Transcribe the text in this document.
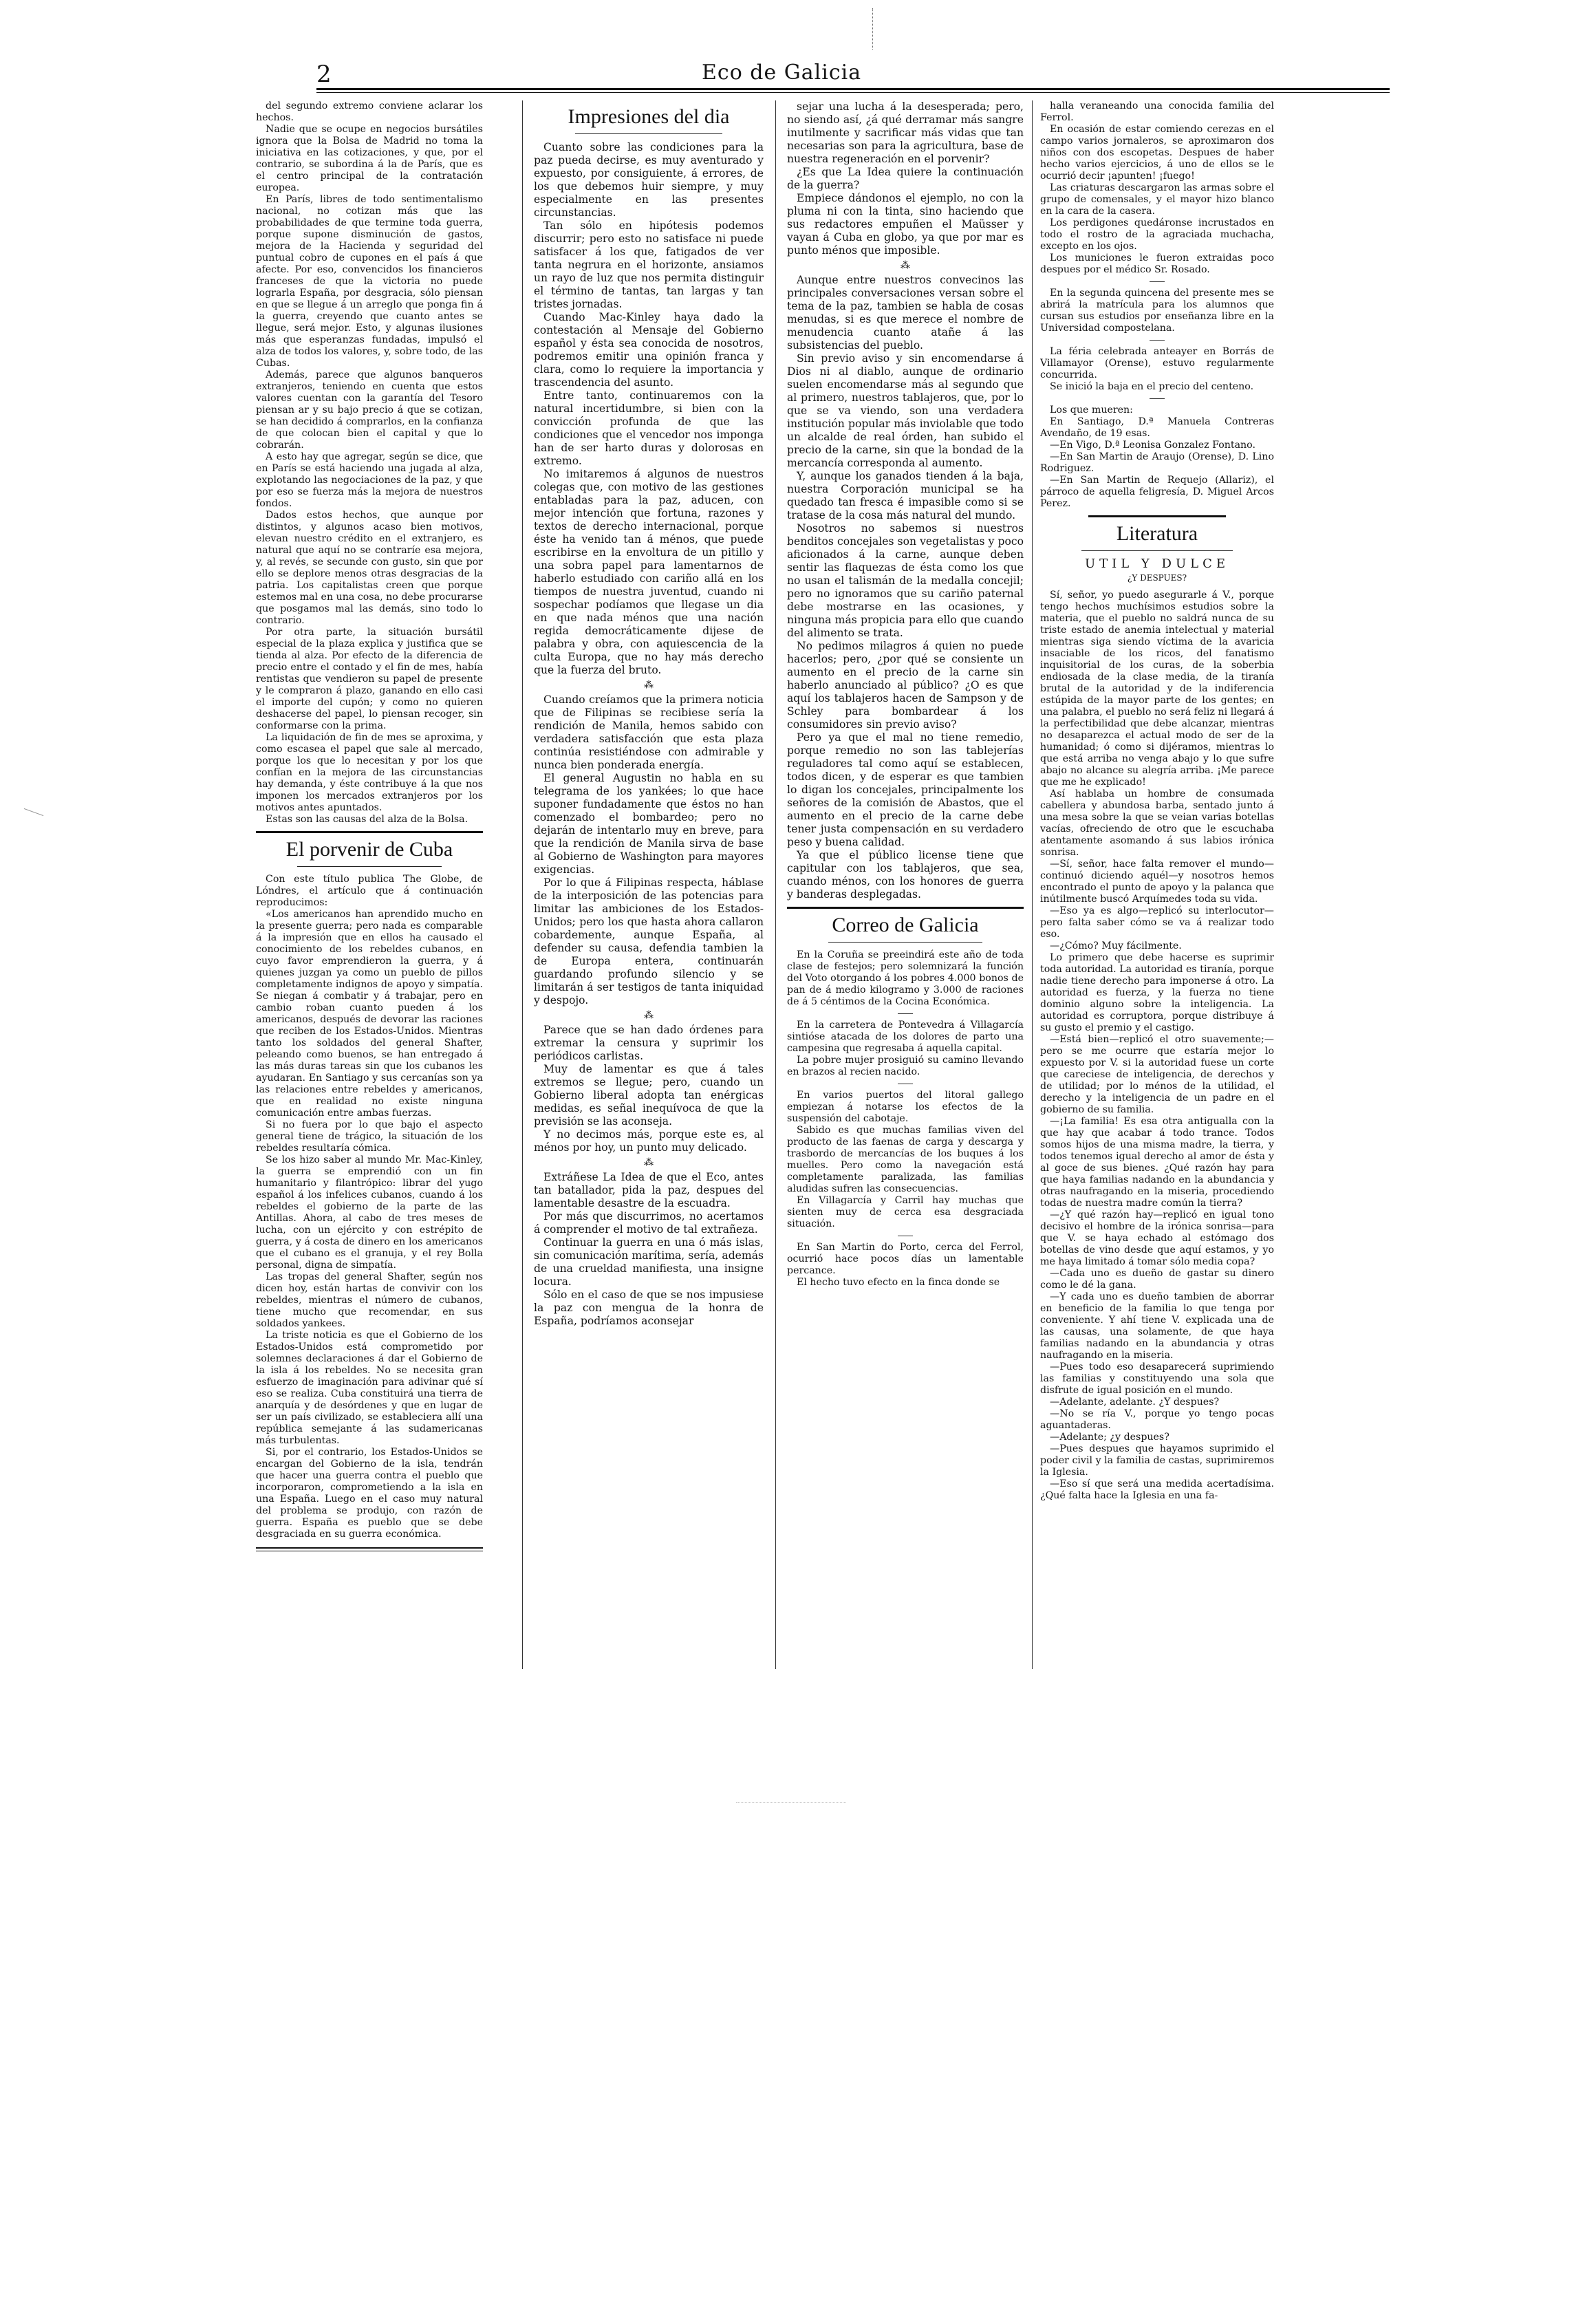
2	Eco de Galicia

del segundo extremo conviene aclarar los hechos.

Nadie que se ocupe en negocios bursátiles ignora que la Bolsa de Madrid no toma la iniciativa en las cotizaciones, y que, por el contrario, se subordina á la de París, que es el centro principal de la contratación europea.

En París, libres de todo sentimentalismo nacional, no cotizan más que las probabilidades de que termine toda guerra, porque supone disminución de gastos, mejora de la Hacienda y seguridad del puntual cobro de cupones en el país á que afecte. Por eso, convencidos los financieros franceses de que la victoria no puede lograrla España, por desgracia, sólo piensan en que se llegue á un arreglo que ponga fin á la guerra, creyendo que cuanto antes se llegue, será mejor. Esto, y algunas ilusiones más que esperanzas fundadas, impulsó el alza de todos los valores, y, sobre todo, de las Cubas.

Además, parece que algunos banqueros extranjeros, teniendo en cuenta que estos valores cuentan con la garantía del Tesoro piensan ar y su bajo precio á que se cotizan, se han decidido á comprarlos, en la confianza de que colocan bien el capital y que lo cobrarán.

A esto hay que agregar, según se dice, que en París se está haciendo una jugada al alza, explotando las negociaciones de la paz, y que por eso se fuerza más la mejora de nuestros fondos.

Dados estos hechos, que aunque por distintos, y algunos acaso bien motivos, elevan nuestro crédito en el extranjero, es natural que aquí no se contraríe esa mejora, y, al revés, se secunde con gusto, sin que por ello se deplore menos otras desgracias de la patria. Los capitalistas creen que porque estemos mal en una cosa, no debe procurarse que posgamos mal las demás, sino todo lo contrario.

Por otra parte, la situación bursátil especial de la plaza explica y justifica que se tienda al alza. Por efecto de la diferencia de precio entre el contado y el fin de mes, había rentistas que vendieron su papel de presente y le compraron á plazo, ganando en ello casi el importe del cupón; y como no quieren deshacerse del papel, lo piensan recoger, sin conformarse con la prima.

La liquidación de fin de mes se aproxima, y como escasea el papel que sale al mercado, porque los que lo necesitan y por los que confían en la mejora de las circunstancias hay demanda, y éste contribuye á la que nos imponen los mercados extranjeros por los motivos antes apuntados.

Estas son las causas del alza de la Bolsa.

El porvenir de Cuba

Con este título publica The Globe, de Lóndres, el artículo que á continuación reproducimos:

«Los americanos han aprendido mucho en la presente guerra; pero nada es comparable á la impresión que en ellos ha causado el conocimiento de los rebeldes cubanos, en cuyo favor emprendieron la guerra, y á quienes juzgan ya como un pueblo de pillos completamente indignos de apoyo y simpatía. Se niegan á combatir y á trabajar, pero en cambio roban cuanto pueden á los americanos, después de devorar las raciones que reciben de los Estados-Unidos. Mientras tanto los soldados del general Shafter, peleando como buenos, se han entregado á las más duras tareas sin que los cubanos les ayudaran. En Santiago y sus cercanías son ya las relaciones entre rebeldes y americanos, que en realidad no existe ninguna comunicación entre ambas fuerzas.

Si no fuera por lo que bajo el aspecto general tiene de trágico, la situación de los rebeldes resultaría cómica.

Se los hizo saber al mundo Mr. Mac-Kinley, la guerra se emprendió con un fin humanitario y filantrópico: librar del yugo español á los infelices cubanos, cuando á los rebeldes el gobierno de la parte de las Antillas. Ahora, al cabo de tres meses de lucha, con un ejército y con estrépito de guerra, y á costa de dinero en los americanos que el cubano es el granuja, y el rey Bolla personal, digna de simpatía.

Las tropas del general Shafter, según nos dicen hoy, están hartas de convivir con los rebeldes, mientras el número de cubanos, tiene mucho que recomendar, en sus soldados yankees.

La triste noticia es que el Gobierno de los Estados-Unidos está comprometido por solemnes declaraciones á dar el Gobierno de la isla á los rebeldes. No se necesita gran esfuerzo de imaginación para adivinar qué sí eso se realiza. Cuba constituirá una tierra de anarquía y de desórdenes y que en lugar de ser un país civilizado, se estableciera allí una república semejante á las sudamericanas más turbulentas.

Si, por el contrario, los Estados-Unidos se encargan del Gobierno de la isla, tendrán que hacer una guerra contra el pueblo que incorporaron, comprometiendo a la isla en una España. Luego en el caso muy natural del problema se produjo, con razón de guerra. España es pueblo que se debe desgraciada en su guerra económica.

Impresiones del dia

Cuanto sobre las condiciones para la paz pueda decirse, es muy aventurado y expuesto, por consiguiente, á errores, de los que debemos huir siempre, y muy especialmente en las presentes circunstancias.

Tan sólo en hipótesis podemos discurrir; pero esto no satisface ni puede satisfacer á los que, fatigados de ver tanta negrura en el horizonte, ansiamos un rayo de luz que nos permita distinguir el término de tantas, tan largas y tan tristes jornadas.

Cuando Mac-Kinley haya dado la contestación al Mensaje del Gobierno español y ésta sea conocida de nosotros, podremos emitir una opinión franca y clara, como lo requiere la importancia y trascendencia del asunto.

Entre tanto, continuaremos con la natural incertidumbre, si bien con la convicción profunda de que las condiciones que el vencedor nos imponga han de ser harto duras y dolorosas en extremo.

No imitaremos á algunos de nuestros colegas que, con motivo de las gestiones entabladas para la paz, aducen, con mejor intención que fortuna, razones y textos de derecho internacional, porque éste ha venido tan á ménos, que puede escribirse en la envoltura de un pitillo y una sobra papel para lamentarnos de haberlo estudiado con cariño allá en los tiempos de nuestra juventud, cuando ni sospechar podíamos que llegase un dia en que nada ménos que una nación regida democráticamente dijese de palabra y obra, con aquiescencia de la culta Europa, que no hay más derecho que la fuerza del bruto.

⁂

Cuando creíamos que la primera noticia que de Filipinas se recibiese sería la rendición de Manila, hemos sabido con verdadera satisfacción que esta plaza continúa resistiéndose con admirable y nunca bien ponderada energía.

El general Augustin no habla en su telegrama de los yankées; lo que hace suponer fundadamente que éstos no han comenzado el bombardeo; pero no dejarán de intentarlo muy en breve, para que la rendición de Manila sirva de base al Gobierno de Washington para mayores exigencias.

Por lo que á Filipinas respecta, háblase de la interposición de las potencias para limitar las ambiciones de los Estados-Unidos; pero los que hasta ahora callaron cobardemente, aunque España, al defender su causa, defendia tambien la de Europa entera, continuarán guardando profundo silencio y se limitarán á ser testigos de tanta iniquidad y despojo.

⁂

Parece que se han dado órdenes para extremar la censura y suprimir los periódicos carlistas.

Muy de lamentar es que á tales extremos se llegue; pero, cuando un Gobierno liberal adopta tan enérgicas medidas, es señal inequívoca de que la previsión se las aconseja.

Y no decimos más, porque este es, al ménos por hoy, un punto muy delicado.

⁂

Extráñese La Idea de que el Eco, antes tan batallador, pida la paz, despues del lamentable desastre de la escuadra.

Por más que discurrimos, no acertamos á comprender el motivo de tal extrañeza.

Continuar la guerra en una ó más islas, sin comunicación marítima, sería, además de una crueldad manifiesta, una insigne locura.

Sólo en el caso de que se nos impusiese la paz con mengua de la honra de España, podríamos aconsejar

sejar una lucha á la desesperada; pero, no siendo así, ¿á qué derramar más sangre inutilmente y sacrificar más vidas que tan necesarias son para la agricultura, base de nuestra regeneración en el porvenir?

¿Es que La Idea quiere la continuación de la guerra?

Empiece dándonos el ejemplo, no con la pluma ni con la tinta, sino haciendo que sus redactores empuñen el Maüsser y vayan á Cuba en globo, ya que por mar es punto ménos que imposible.

⁂

Aunque entre nuestros convecinos las principales conversaciones versan sobre el tema de la paz, tambien se habla de cosas menudas, si es que merece el nombre de menudencia cuanto atañe á las subsistencias del pueblo.

Sin previo aviso y sin encomendarse á Dios ni al diablo, aunque de ordinario suelen encomendarse más al segundo que al primero, nuestros tablajeros, que, por lo que se va viendo, son una verdadera institución popular más inviolable que todo un alcalde de real órden, han subido el precio de la carne, sin que la bondad de la mercancía corresponda al aumento.

Y, aunque los ganados tienden á la baja, nuestra Corporación municipal se ha quedado tan fresca é impasible como si se tratase de la cosa más natural del mundo.

Nosotros no sabemos si nuestros benditos concejales son vegetalistas y poco aficionados á la carne, aunque deben sentir las flaquezas de ésta como los que no usan el talismán de la medalla concejil; pero no ignoramos que su cariño paternal debe mostrarse en las ocasiones, y ninguna más propicia para ello que cuando del alimento se trata.

No pedimos milagros á quien no puede hacerlos; pero, ¿por qué se consiente un aumento en el precio de la carne sin haberlo anunciado al público? ¿O es que aquí los tablajeros hacen de Sampson y de Schley para bombardear á los consumidores sin previo aviso?

Pero ya que el mal no tiene remedio, porque remedio no son las tablejerías reguladores tal como aquí se establecen, todos dicen, y de esperar es que tambien lo digan los concejales, principalmente los señores de la comisión de Abastos, que el aumento en el precio de la carne debe tener justa compensación en su verdadero peso y buena calidad.

Ya que el público license tiene que capitular con los tablajeros, que sea, cuando ménos, con los honores de guerra y banderas desplegadas.

Correo de Galicia

En la Coruña se preeindirá este año de toda clase de festejos; pero solemnizará la función del Voto otorgando á los pobres 4.000 bonos de pan de á medio kilogramo y 3.000 de raciones de á 5 céntimos de la Cocina Económica.

En la carretera de Pontevedra á Villagarcía sintióse atacada de los dolores de parto una campesina que regresaba á aquella capital.

La pobre mujer prosiguió su camino llevando en brazos al recien nacido.

En varios puertos del litoral gallego empiezan á notarse los efectos de la suspensión del cabotaje.

Sabido es que muchas familias viven del producto de las faenas de carga y descarga y trasbordo de mercancías de los buques á los muelles. Pero como la navegación está completamente paralizada, las familias aludidas sufren las consecuencias.

En Villagarcía y Carril hay muchas que sienten muy de cerca esa desgraciada situación.

En San Martin do Porto, cerca del Ferrol, ocurrió hace pocos días un lamentable percance.

El hecho tuvo efecto en la finca donde se

halla veraneando una conocida familia del Ferrol.

En ocasión de estar comiendo cerezas en el campo varios jornaleros, se aproximaron dos niños con dos escopetas. Despues de haber hecho varios ejercicios, á uno de ellos se le ocurrió decir ¡apunten! ¡fuego!

Las criaturas descargaron las armas sobre el grupo de comensales, y el mayor hizo blanco en la cara de la casera.

Los perdigones quedáronse incrustados en todo el rostro de la agraciada muchacha, excepto en los ojos.

Los municiones le fueron extraidas poco despues por el médico Sr. Rosado.

En la segunda quincena del presente mes se abrirá la matrícula para los alumnos que cursan sus estudios por enseñanza libre en la Universidad compostelana.

La féria celebrada anteayer en Borrás de Villamayor (Orense), estuvo regularmente concurrida.

Se inició la baja en el precio del centeno.

Los que mueren:

En Santiago, D.ª Manuela Contreras Avendaño, de 19 esas.

—En Vigo, D.ª Leonisa Gonzalez Fontano.

—En San Martin de Araujo (Orense), D. Lino Rodriguez.

—En San Martin de Requejo (Allariz), el párroco de aquella feligresía, D. Miguel Arcos Perez.

Literatura
UTIL Y DULCE
¿Y DESPUES?

Sí, señor, yo puedo asegurarle á V., porque tengo hechos muchísimos estudios sobre la materia, que el pueblo no saldrá nunca de su triste estado de anemia intelectual y material mientras siga siendo víctima de la avaricia insaciable de los ricos, del fanatismo inquisitorial de los curas, de la soberbia endiosada de la clase media, de la tiranía brutal de la autoridad y de la indiferencia estúpida de la mayor parte de los gentes; en una palabra, el pueblo no será feliz ni llegará á la perfectibilidad que debe alcanzar, mientras no desaparezca el actual modo de ser de la humanidad; ó como si dijéramos, mientras lo que está arriba no venga abajo y lo que sufre abajo no alcance su alegría arriba. ¡Me parece que me he explicado!

Así hablaba un hombre de consumada cabellera y abundosa barba, sentado junto á una mesa sobre la que se veian varias botellas vacías, ofreciendo de otro que le escuchaba atentamente asomando á sus labios irónica sonrisa.

—Sí, señor, hace falta remover el mundo—continuó diciendo aquél—y nosotros hemos encontrado el punto de apoyo y la palanca que inútilmente buscó Arquímedes toda su vida.

—Eso ya es algo—replicó su interlocutor—pero falta saber cómo se va á realizar todo eso.

—¿Cómo? Muy fácilmente.

Lo primero que debe hacerse es suprimir toda autoridad. La autoridad es tiranía, porque nadie tiene derecho para imponerse á otro. La autoridad es fuerza, y la fuerza no tiene dominio alguno sobre la inteligencia. La autoridad es corruptora, porque distribuye á su gusto el premio y el castigo.

—Está bien—replicó el otro suavemente;—pero se me ocurre que estaría mejor lo expuesto por V. si la autoridad fuese un corte que careciese de inteligencia, de derechos y de utilidad; por lo ménos de la utilidad, el derecho y la inteligencia de un padre en el gobierno de su familia.

—¡La familia! Es esa otra antigualla con la que hay que acabar á todo trance. Todos somos hijos de una misma madre, la tierra, y todos tenemos igual derecho al amor de ésta y al goce de sus bienes. ¿Qué razón hay para que haya familias nadando en la abundancia y otras naufragando en la miseria, procediendo todas de nuestra madre común la tierra?

—¿Y qué razón hay—replicó en igual tono decisivo el hombre de la irónica sonrisa—para que V. se haya echado al estómago dos botellas de vino desde que aquí estamos, y yo me haya limitado á tomar sólo media copa?

—Cada uno es dueño de gastar su dinero como le dé la gana.

—Y cada uno es dueño tambien de aborrar en beneficio de la familia lo que tenga por conveniente. Y ahí tiene V. explicada una de las causas, una solamente, de que haya familias nadando en la abundancia y otras naufragando en la miseria.

—Pues todo eso desaparecerá suprimiendo las familias y constituyendo una sola que disfrute de igual posición en el mundo.

—Adelante, adelante. ¿Y despues?

—No se ría V., porque yo tengo pocas aguantaderas.

—Adelante; ¿y despues?

—Pues despues que hayamos suprimido el poder civil y la familia de castas, suprimiremos la Iglesia.

—Eso sí que será una medida acertadísima. ¿Qué falta hace la Iglesia en una fa-
